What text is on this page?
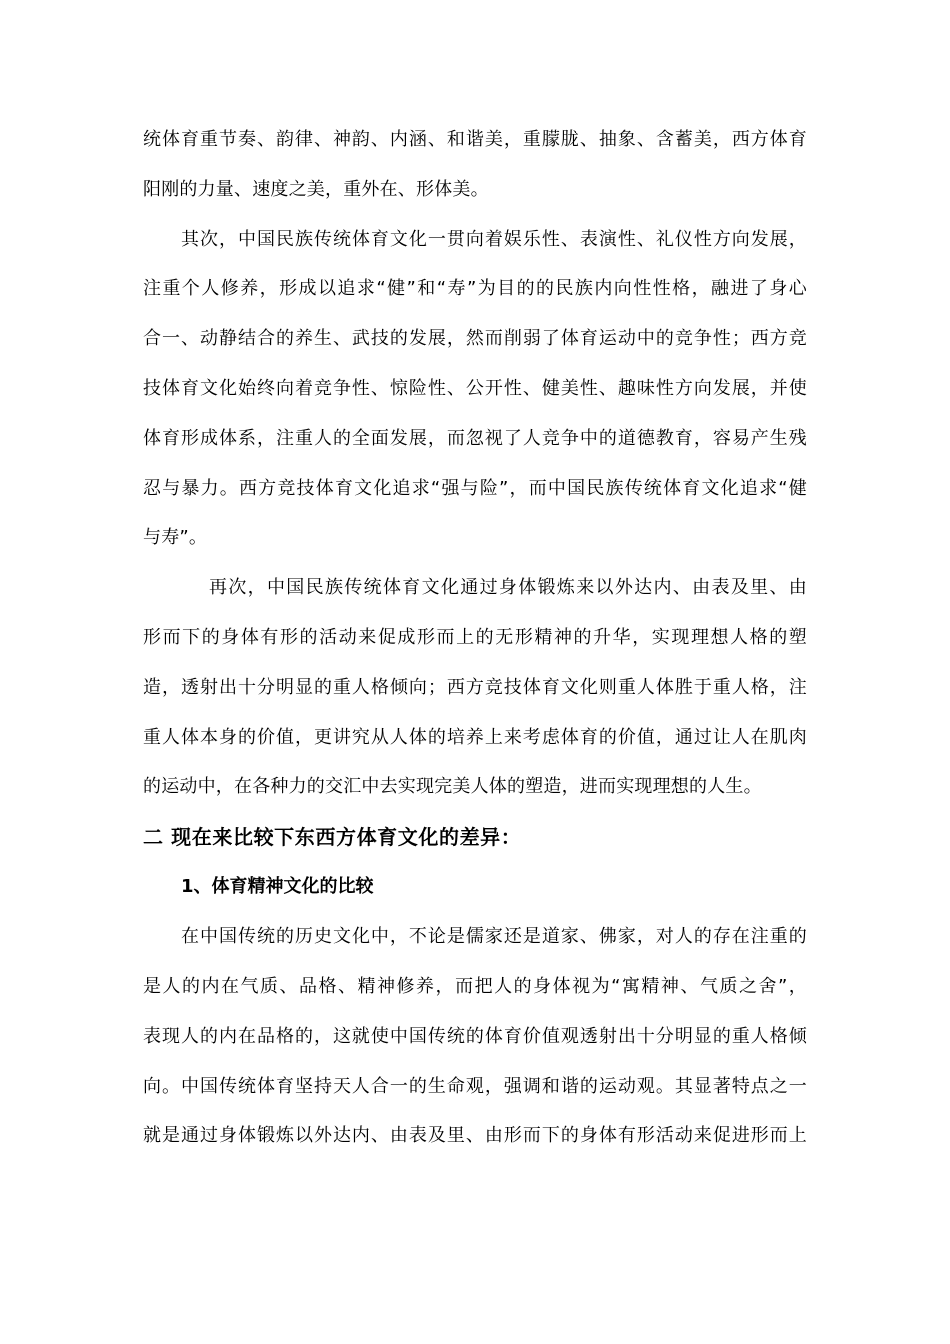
统体育重节奏、韵律、神韵、内涵、和谐美，重朦胧、抽象、含蓄美，西方体育
阳刚的力量、速度之美，重外在、形体美。

其次，中国民族传统体育文化一贯向着娱乐性、表演性、礼仪性方向发展，
注重个人修养，形成以追求“健”和“寿”为目的的民族内向性性格，融进了身心
合一、动静结合的养生、武技的发展，然而削弱了体育运动中的竞争性；西方竞
技体育文化始终向着竞争性、惊险性、公开性、健美性、趣味性方向发展，并使
体育形成体系，注重人的全面发展，而忽视了人竞争中的道德教育，容易产生残
忍与暴力。西方竞技体育文化追求“强与险”，而中国民族传统体育文化追求“健
与寿”。

再次，中国民族传统体育文化通过身体锻炼来以外达内、由表及里、由
形而下的身体有形的活动来促成形而上的无形精神的升华，实现理想人格的塑
造，透射出十分明显的重人格倾向；西方竞技体育文化则重人体胜于重人格，注
重人体本身的价值，更讲究从人体的培养上来考虑体育的价值，通过让人在肌肉
的运动中，在各种力的交汇中去实现完美人体的塑造，进而实现理想的人生。

二 现在来比较下东西方体育文化的差异：
1、体育精神文化的比较

在中国传统的历史文化中，不论是儒家还是道家、佛家，对人的存在注重的
是人的内在气质、品格、精神修养，而把人的身体视为“寓精神、气质之舍”，
表现人的内在品格的，这就使中国传统的体育价值观透射出十分明显的重人格倾
向。中国传统体育坚持天人合一的生命观，强调和谐的运动观。其显著特点之一
就是通过身体锻炼以外达内、由表及里、由形而下的身体有形活动来促进形而上
